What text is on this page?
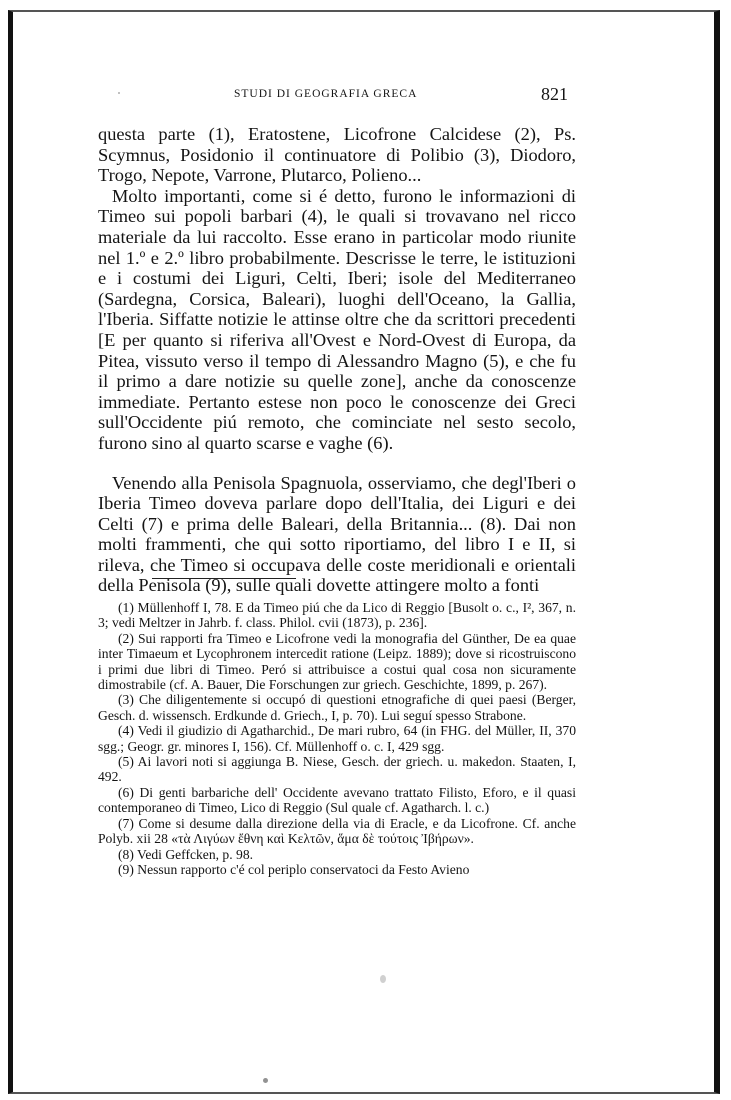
STUDI DI GEOGRAFIA GRECA	821

questa parte (1), Eratostene, Licofrone Calcidese (2), Ps. Scymnus, Posidonio il continuatore di Polibio (3), Diodoro, Trogo, Nepote, Varrone, Plutarco, Polieno...

Molto importanti, come si é detto, furono le informazioni di Timeo sui popoli barbari (4), le quali si trovavano nel ricco materiale da lui raccolto. Esse erano in particolar modo riunite nel 1.º e 2.º libro probabilmente. Descrisse le terre, le istituzioni e i costumi dei Liguri, Celti, Iberi; isole del Mediterraneo (Sardegna, Corsica, Baleari), luoghi dell'Oceano, la Gallia, l'Iberia. Siffatte notizie le attinse oltre che da scrittori precedenti [E per quanto si riferiva all'Ovest e Nord-Ovest di Europa, da Pitea, vissuto verso il tempo di Alessandro Magno (5), e che fu il primo a dare notizie su quelle zone], anche da conoscenze immediate. Pertanto estese non poco le conoscenze dei Greci sull'Occidente piú remoto, che cominciate nel sesto secolo, furono sino al quarto scarse e vaghe (6).

Venendo alla Penisola Spagnuola, osserviamo, che degl'Iberi o Iberia Timeo doveva parlare dopo dell'Italia, dei Liguri e dei Celti (7) e prima delle Baleari, della Britannia... (8). Dai non molti frammenti, che qui sotto riportiamo, del libro I e II, si rileva, che Timeo si occupava delle coste meridionali e orientali della Penisola (9), sulle quali dovette attingere molto a fonti

(1) Müllenhoff I, 78. E da Timeo piú che da Lico di Reggio [Busolt o. c., I², 367, n. 3; vedi Meltzer in Jahrb. f. class. Philol. cvii (1873), p. 236].

(2) Sui rapporti fra Timeo e Licofrone vedi la monografia del Günther, De ea quae inter Timaeum et Lycophronem intercedit ratione (Leipz. 1889); dove si ricostruiscono i primi due libri di Timeo. Peró si attribuisce a costui qual cosa non sicuramente dimostrabile (cf. A. Bauer, Die Forschungen zur griech. Geschichte, 1899, p. 267).

(3) Che diligentemente si occupó di questioni etnografiche di quei paesi (Berger, Gesch. d. wissensch. Erdkunde d. Griech., I, p. 70). Lui seguí spesso Strabone.

(4) Vedi il giudizio di Agatharchid., De mari rubro, 64 (in FHG. del Müller, II, 370 sgg.; Geogr. gr. minores I, 156). Cf. Müllenhoff o. c. I, 429 sgg.

(5) Ai lavori noti si aggiunga B. Niese, Gesch. der griech. u. makedon. Staaten, I, 492.

(6) Di genti barbariche dell' Occidente avevano trattato Filisto, Eforo, e il quasi contemporaneo di Timeo, Lico di Reggio (Sul quale cf. Agatharch. l. c.)

(7) Come si desume dalla direzione della via di Eracle, e da Licofrone. Cf. anche Polyb. xii 28 «τὰ Λιγύων ἔθνη καὶ Κελτῶν, ἅμα δὲ τούτοις Ἰβήρων».

(8) Vedi Geffcken, p. 98.

(9) Nessun rapporto c'é col periplo conservatoci da Festo Avieno
